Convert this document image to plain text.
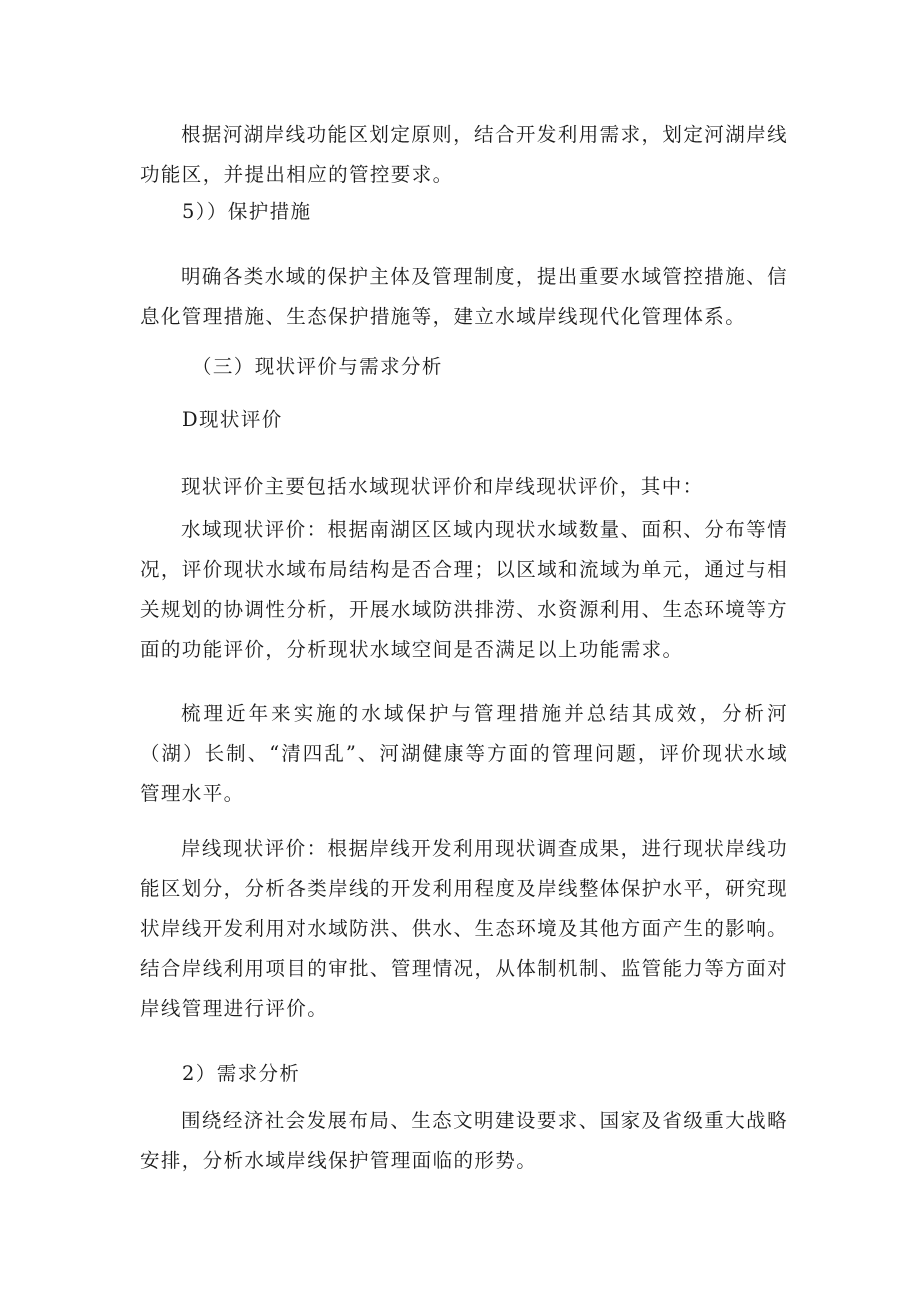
根据河湖岸线功能区划定原则，结合开发利用需求，划定河湖岸线功能区，并提出相应的管控要求。

5））保护措施

明确各类水域的保护主体及管理制度，提出重要水域管控措施、信息化管理措施、生态保护措施等，建立水域岸线现代化管理体系。

（三）现状评价与需求分析

D现状评价

现状评价主要包括水域现状评价和岸线现状评价，其中：

水域现状评价：根据南湖区区域内现状水域数量、面积、分布等情况，评价现状水域布局结构是否合理；以区域和流域为单元，通过与相关规划的协调性分析，开展水域防洪排涝、水资源利用、生态环境等方面的功能评价，分析现状水域空间是否满足以上功能需求。

梳理近年来实施的水域保护与管理措施并总结其成效，分析河（湖）长制、“清四乱”、河湖健康等方面的管理问题，评价现状水域管理水平。

岸线现状评价：根据岸线开发利用现状调查成果，进行现状岸线功能区划分，分析各类岸线的开发利用程度及岸线整体保护水平，研究现状岸线开发利用对水域防洪、供水、生态环境及其他方面产生的影响。结合岸线利用项目的审批、管理情况，从体制机制、监管能力等方面对岸线管理进行评价。

2）需求分析

围绕经济社会发展布局、生态文明建设要求、国家及省级重大战略安排，分析水域岸线保护管理面临的形势。
